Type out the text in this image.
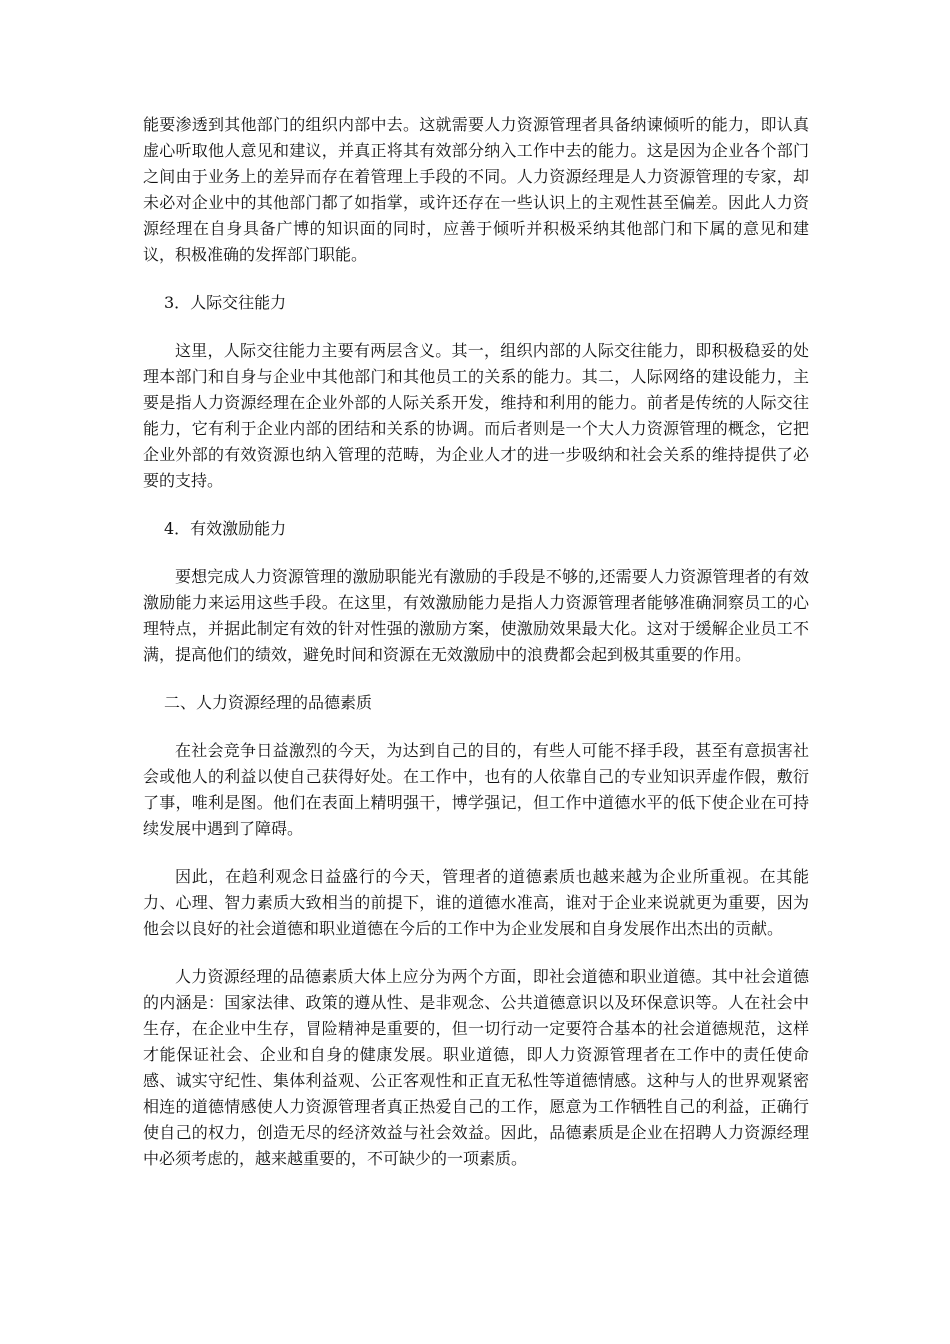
能要渗透到其他部门的组织内部中去。这就需要人力资源管理者具备纳谏倾听的能力，即认真虚心听取他人意见和建议，并真正将其有效部分纳入工作中去的能力。这是因为企业各个部门之间由于业务上的差异而存在着管理上手段的不同。人力资源经理是人力资源管理的专家，却未必对企业中的其他部门都了如指掌，或许还存在一些认识上的主观性甚至偏差。因此人力资源经理在自身具备广博的知识面的同时，应善于倾听并积极采纳其他部门和下属的意见和建议，积极准确的发挥部门职能。

3．人际交往能力

这里，人际交往能力主要有两层含义。其一，组织内部的人际交往能力，即积极稳妥的处理本部门和自身与企业中其他部门和其他员工的关系的能力。其二，人际网络的建设能力，主要是指人力资源经理在企业外部的人际关系开发，维持和利用的能力。前者是传统的人际交往能力，它有利于企业内部的团结和关系的协调。而后者则是一个大人力资源管理的概念，它把企业外部的有效资源也纳入管理的范畴，为企业人才的进一步吸纳和社会关系的维持提供了必要的支持。

4．有效激励能力

要想完成人力资源管理的激励职能光有激励的手段是不够的,还需要人力资源管理者的有效激励能力来运用这些手段。在这里，有效激励能力是指人力资源管理者能够准确洞察员工的心理特点，并据此制定有效的针对性强的激励方案，使激励效果最大化。这对于缓解企业员工不满，提高他们的绩效，避免时间和资源在无效激励中的浪费都会起到极其重要的作用。

二、人力资源经理的品德素质

在社会竞争日益激烈的今天，为达到自己的目的，有些人可能不择手段，甚至有意损害社会或他人的利益以使自己获得好处。在工作中，也有的人依靠自己的专业知识弄虚作假，敷衍了事，唯利是图。他们在表面上精明强干，博学强记，但工作中道德水平的低下使企业在可持续发展中遇到了障碍。

因此，在趋利观念日益盛行的今天，管理者的道德素质也越来越为企业所重视。在其能力、心理、智力素质大致相当的前提下，谁的道德水准高，谁对于企业来说就更为重要，因为他会以良好的社会道德和职业道德在今后的工作中为企业发展和自身发展作出杰出的贡献。

人力资源经理的品德素质大体上应分为两个方面，即社会道德和职业道德。其中社会道德的内涵是：国家法律、政策的遵从性、是非观念、公共道德意识以及环保意识等。人在社会中生存，在企业中生存，冒险精神是重要的，但一切行动一定要符合基本的社会道德规范，这样才能保证社会、企业和自身的健康发展。职业道德，即人力资源管理者在工作中的责任使命感、诚实守纪性、集体利益观、公正客观性和正直无私性等道德情感。这种与人的世界观紧密相连的道德情感使人力资源管理者真正热爱自己的工作，愿意为工作牺牲自己的利益，正确行使自己的权力，创造无尽的经济效益与社会效益。因此，品德素质是企业在招聘人力资源经理中必须考虑的，越来越重要的，不可缺少的一项素质。
